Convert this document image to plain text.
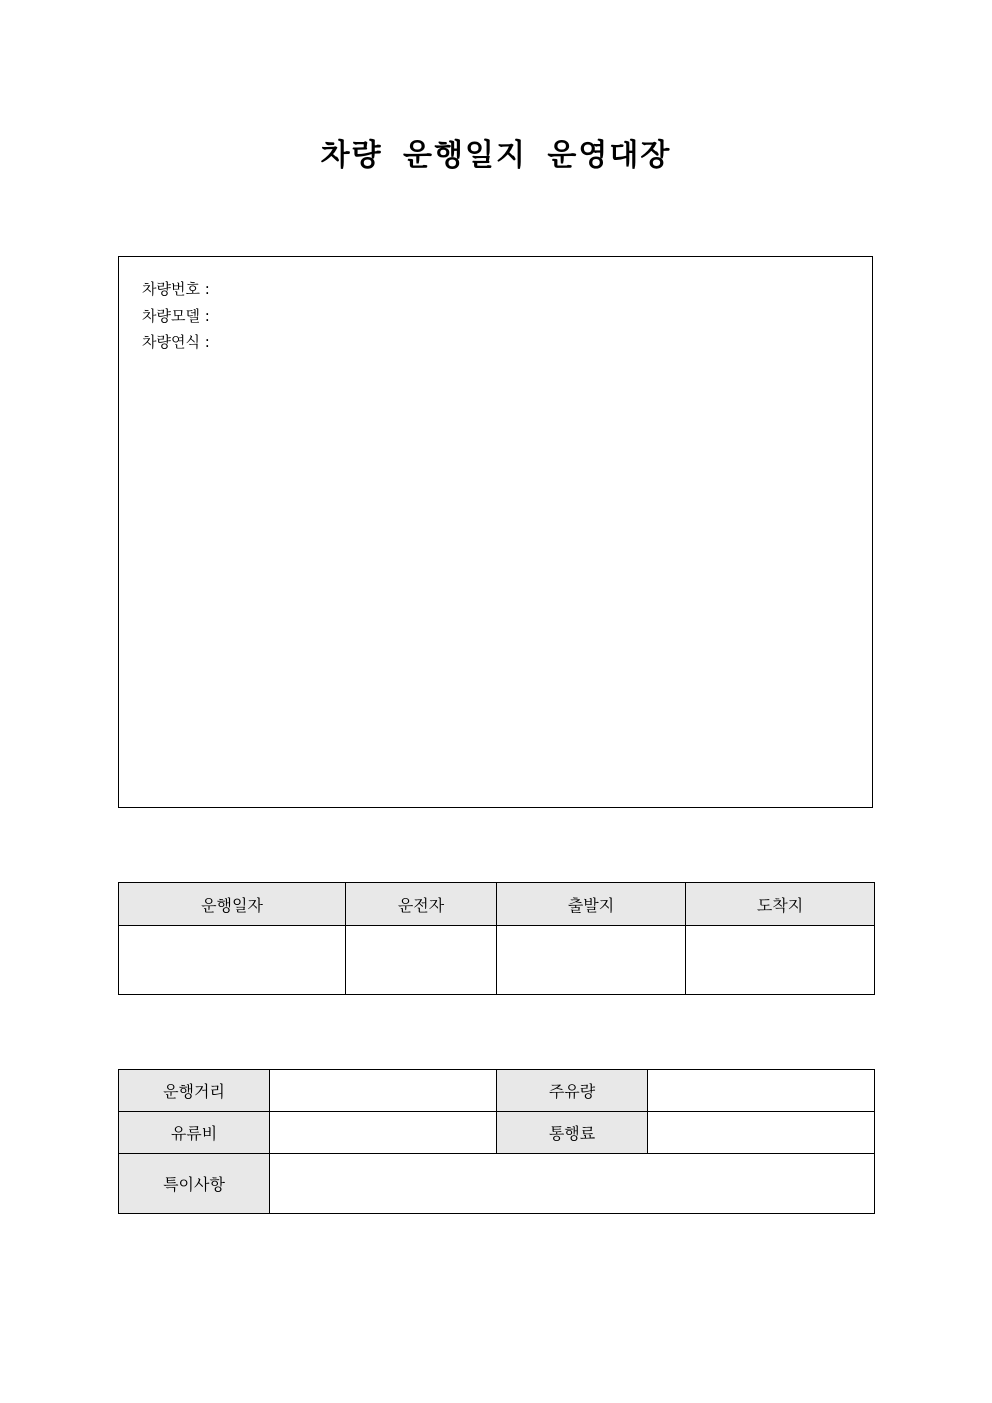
차량 운행일지 운영대장
차량번호 :
차량모델 :
차량연식 :
운행일자	운전자	출발지	도착지

운행거리		주유량	
유류비		통행료	
특이사항			
